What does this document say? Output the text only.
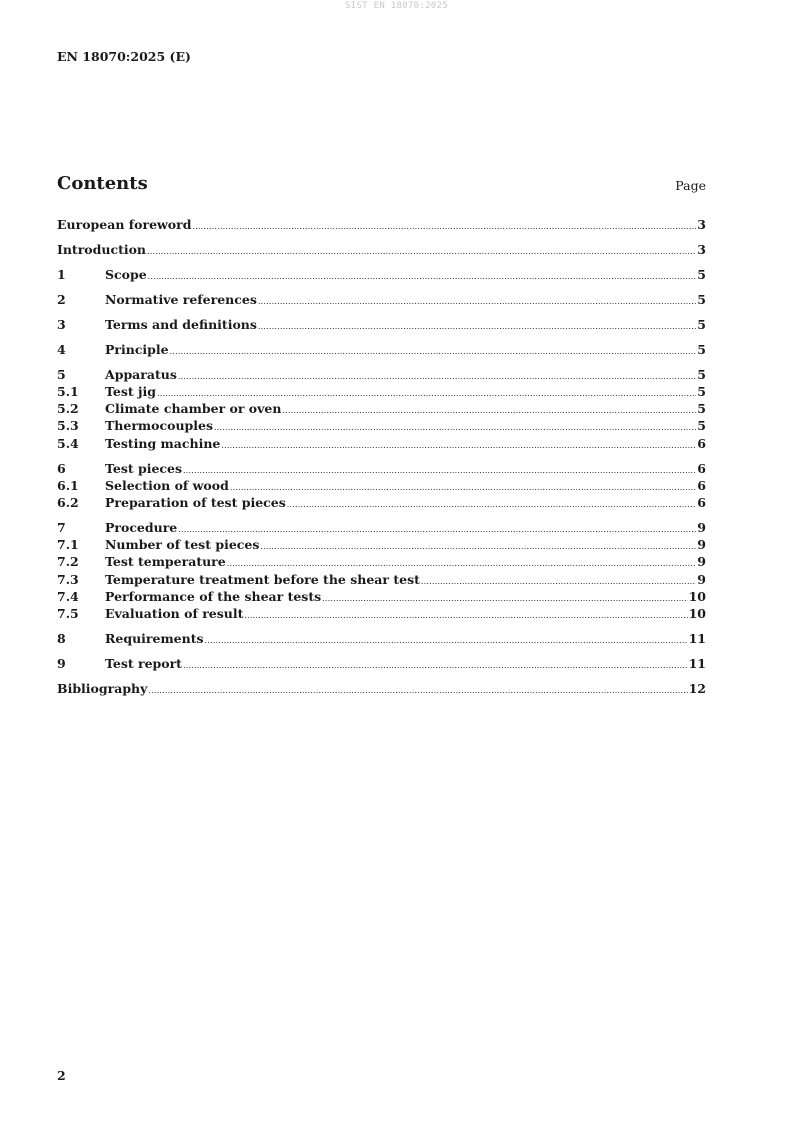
SIST EN 18070:2025
EN 18070:2025 (E)
Contents	Page
European foreword .....	3
Introduction .....	3
1	Scope .....	5
2	Normative references .....	5
3	Terms and definitions .....	5
4	Principle .....	5
5	Apparatus .....	5
5.1	Test jig .....	5
5.2	Climate chamber or oven .....	5
5.3	Thermocouples .....	5
5.4	Testing machine .....	6
6	Test pieces .....	6
6.1	Selection of wood .....	6
6.2	Preparation of test pieces .....	6
7	Procedure .....	9
7.1	Number of test pieces .....	9
7.2	Test temperature .....	9
7.3	Temperature treatment before the shear test .....	9
7.4	Performance of the shear tests .....	10
7.5	Evaluation of result .....	10
8	Requirements .....	11
9	Test report .....	11
Bibliography .....	12
2
